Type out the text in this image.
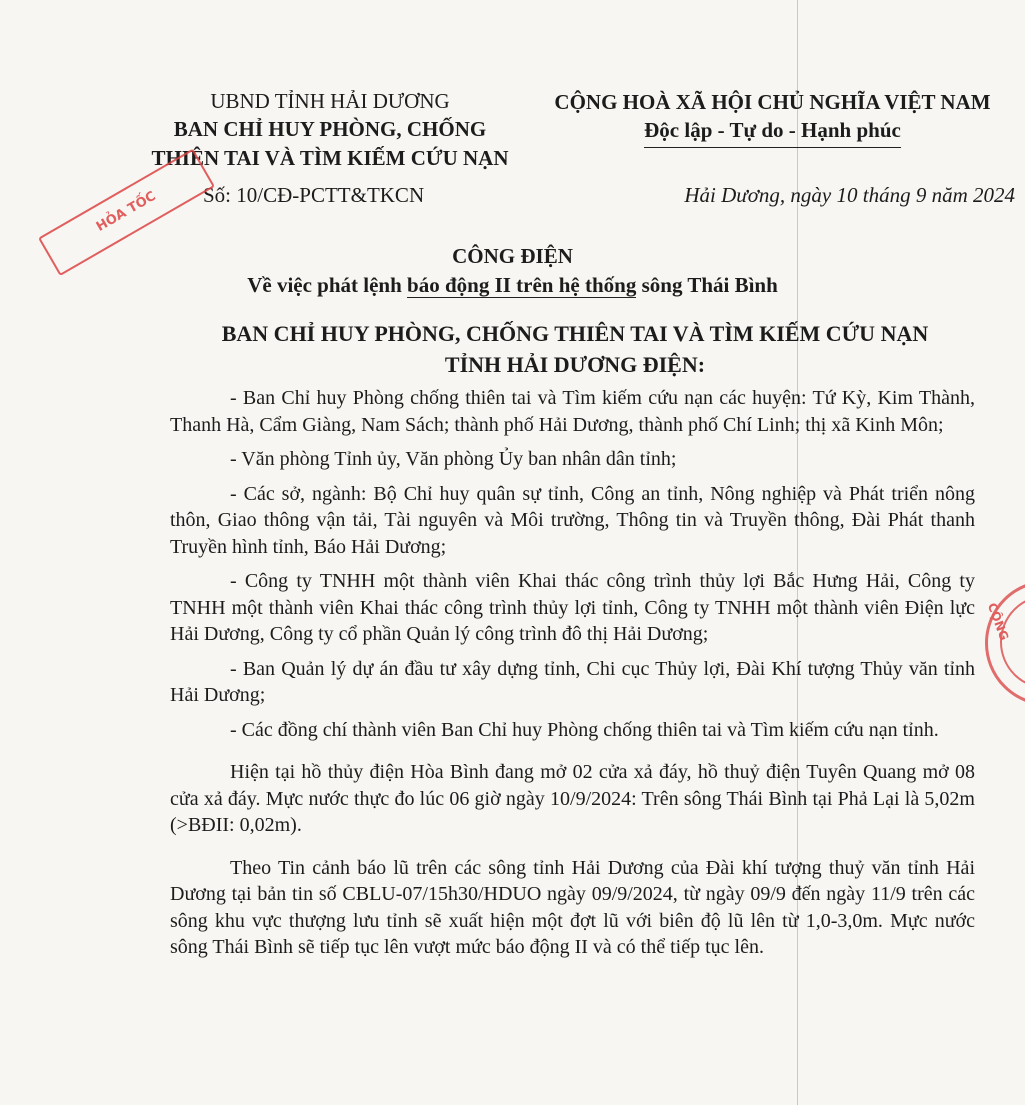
UBND TỈNH HẢI DƯƠNG
BAN CHỈ HUY PHÒNG, CHỐNG
THIÊN TAI VÀ TÌM KIẾM CỨU NẠN
CỘNG HOÀ XÃ HỘI CHỦ NGHĨA VIỆT NAM
Độc lập - Tự do - Hạnh phúc
Số: 10/CĐ-PCTT&TKCN	Hải Dương, ngày 10 tháng 9 năm 2024
HỎA TỐC
CÔNG ĐIỆN
Về việc phát lệnh báo động II trên hệ thống sông Thái Bình
BAN CHỈ HUY PHÒNG, CHỐNG THIÊN TAI VÀ TÌM KIẾM CỨU NẠN
TỈNH HẢI DƯƠNG ĐIỆN:

- Ban Chỉ huy Phòng chống thiên tai và Tìm kiếm cứu nạn các huyện: Tứ Kỳ, Kim Thành, Thanh Hà, Cẩm Giàng, Nam Sách; thành phố Hải Dương, thành phố Chí Linh; thị xã Kinh Môn;

- Văn phòng Tỉnh ủy, Văn phòng Ủy ban nhân dân tỉnh;

- Các sở, ngành: Bộ Chỉ huy quân sự tỉnh, Công an tỉnh, Nông nghiệp và Phát triển nông thôn, Giao thông vận tải, Tài nguyên và Môi trường, Thông tin và Truyền thông, Đài Phát thanh Truyền hình tỉnh, Báo Hải Dương;

- Công ty TNHH một thành viên Khai thác công trình thủy lợi Bắc Hưng Hải, Công ty TNHH một thành viên Khai thác công trình thủy lợi tỉnh, Công ty TNHH một thành viên Điện lực Hải Dương, Công ty cổ phần Quản lý công trình đô thị Hải Dương;

- Ban Quản lý dự án đầu tư xây dựng tỉnh, Chi cục Thủy lợi, Đài Khí tượng Thủy văn tỉnh Hải Dương;

- Các đồng chí thành viên Ban Chỉ huy Phòng chống thiên tai và Tìm kiếm cứu nạn tỉnh.

Hiện tại hồ thủy điện Hòa Bình đang mở 02 cửa xả đáy, hồ thuỷ điện Tuyên Quang mở 08 cửa xả đáy. Mực nước thực đo lúc 06 giờ ngày 10/9/2024: Trên sông Thái Bình tại Phả Lại là 5,02m (>BĐII: 0,02m).

Theo Tin cảnh báo lũ trên các sông tỉnh Hải Dương của Đài khí tượng thuỷ văn tỉnh Hải Dương tại bản tin số CBLU-07/15h30/HDUO ngày 09/9/2024, từ ngày 09/9 đến ngày 11/9 trên các sông khu vực thượng lưu tỉnh sẽ xuất hiện một đợt lũ với biên độ lũ lên từ 1,0-3,0m. Mực nước sông Thái Bình sẽ tiếp tục lên vượt mức báo động II và có thể tiếp tục lên.

CỘNG
